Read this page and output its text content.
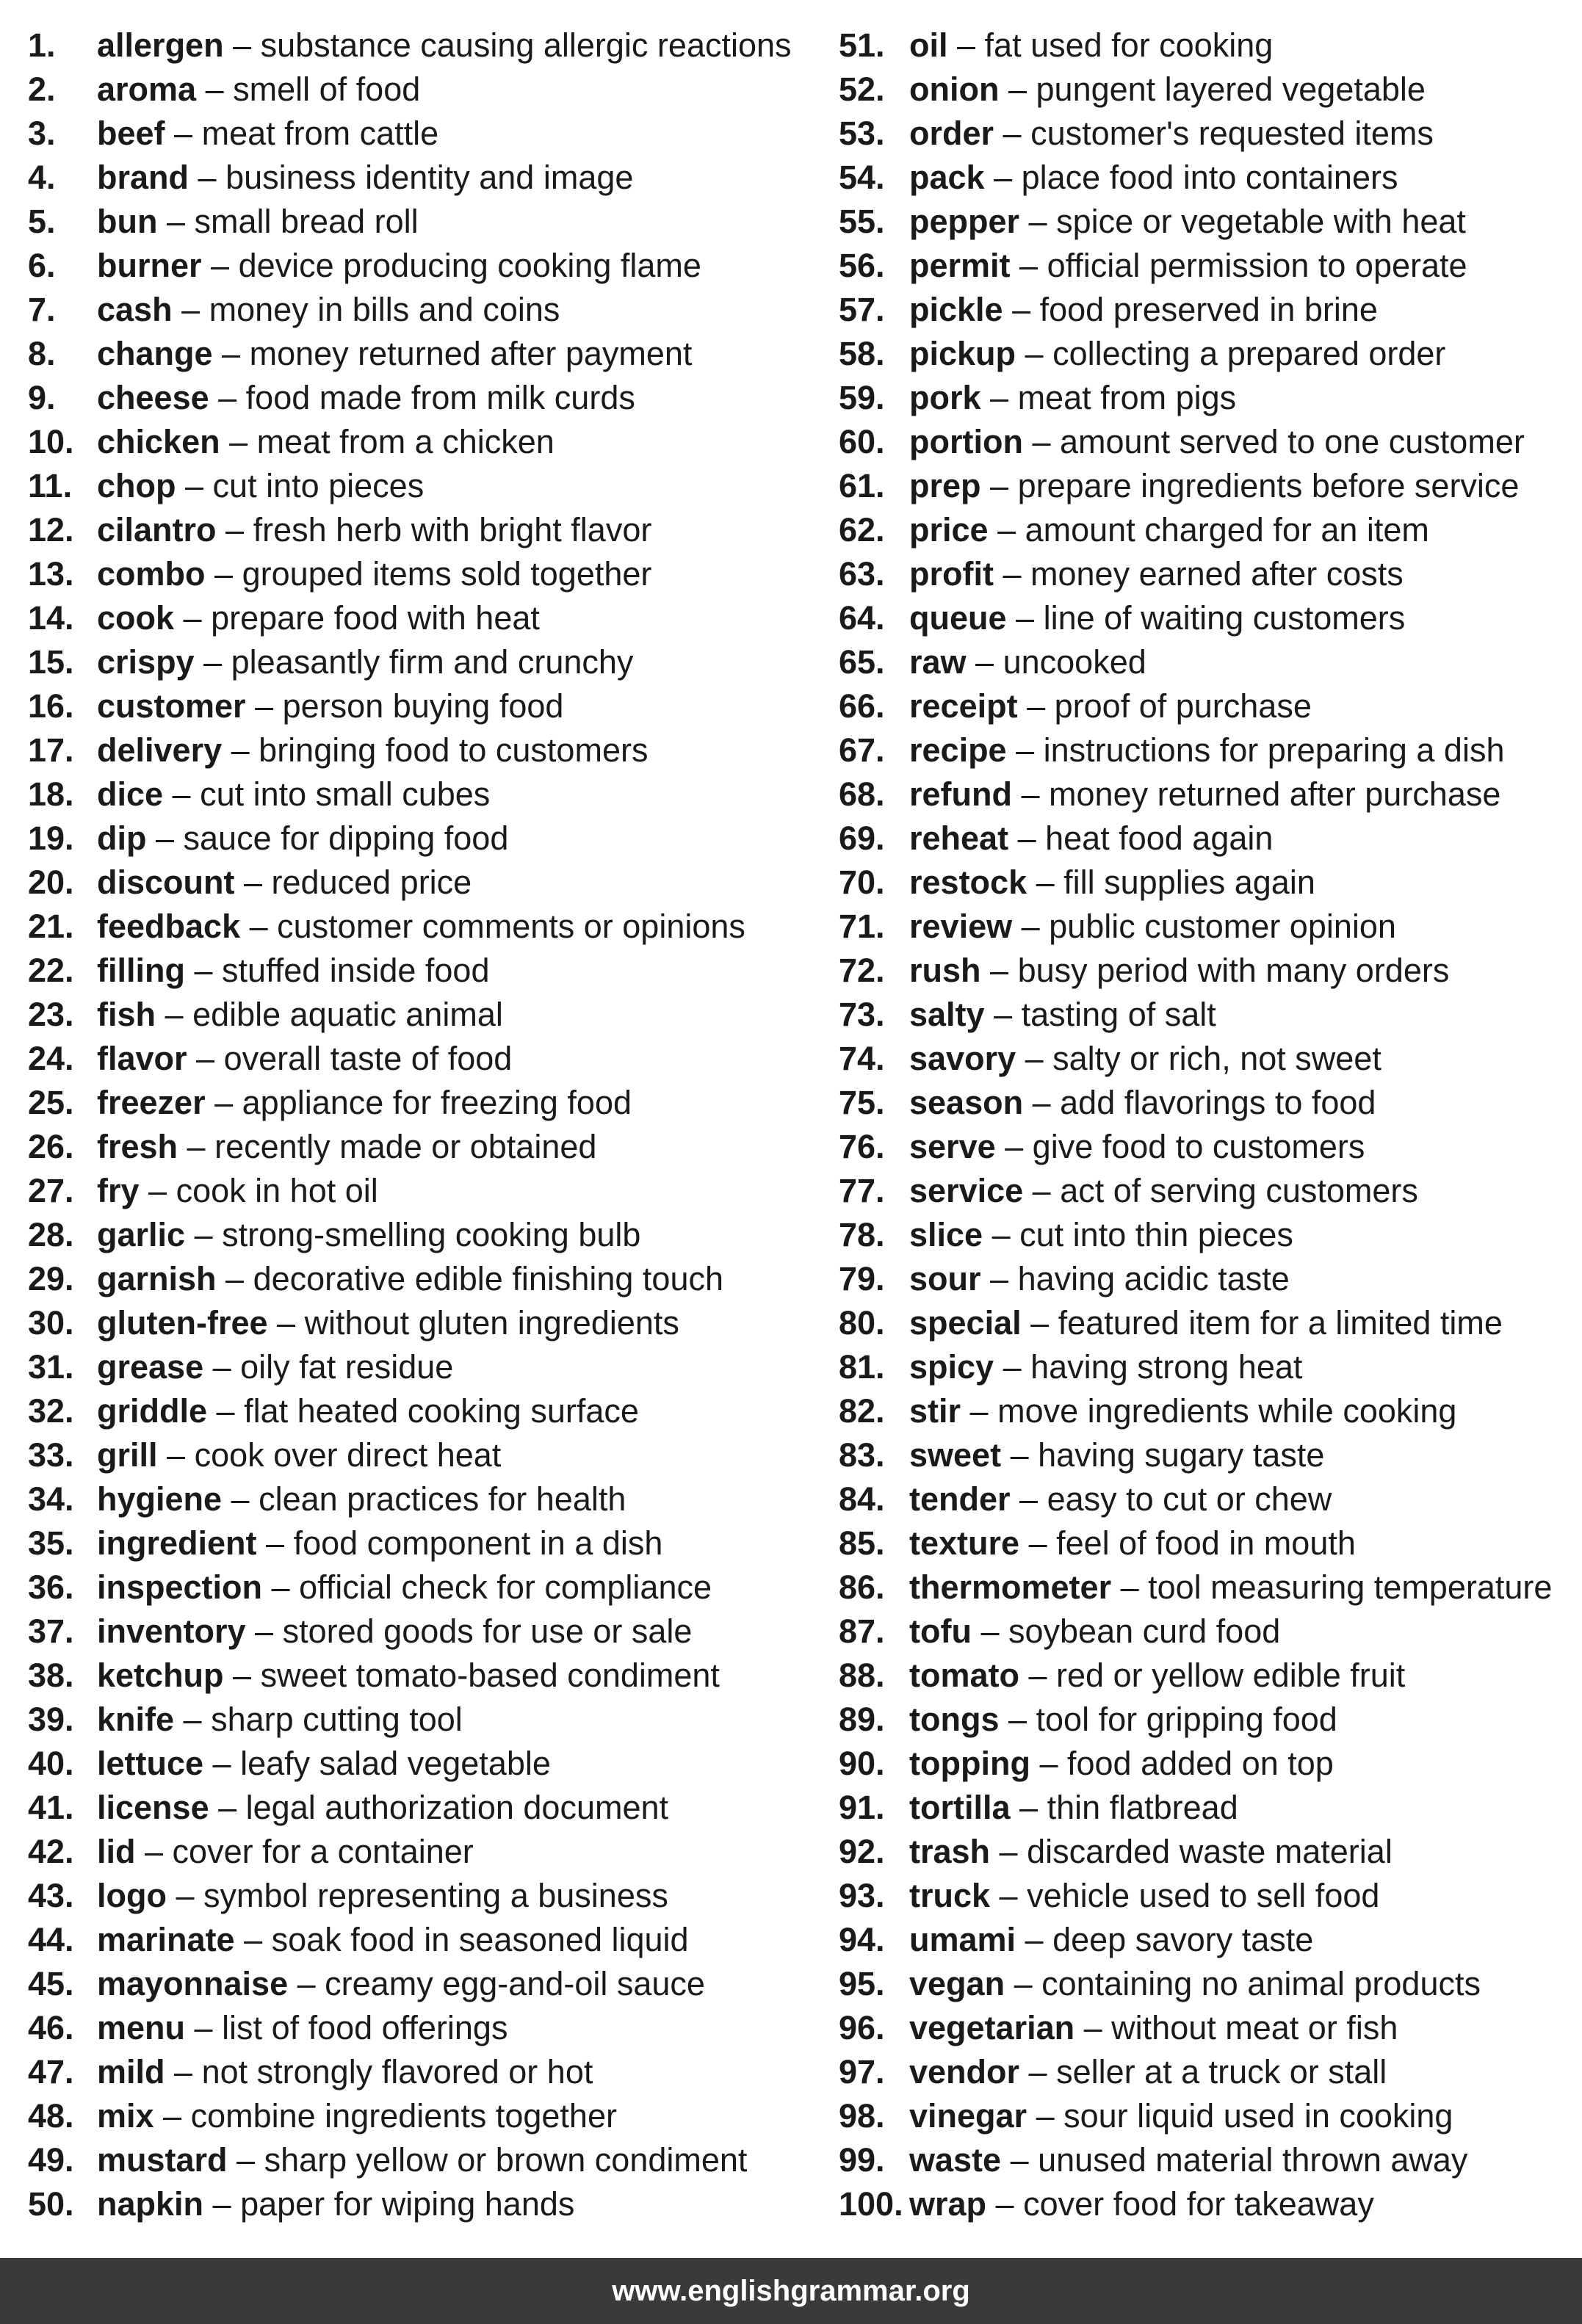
1. allergen – substance causing allergic reactions
2. aroma – smell of food
3. beef – meat from cattle
4. brand – business identity and image
5. bun – small bread roll
6. burner – device producing cooking flame
7. cash – money in bills and coins
8. change – money returned after payment
9. cheese – food made from milk curds
10. chicken – meat from a chicken
11. chop – cut into pieces
12. cilantro – fresh herb with bright flavor
13. combo – grouped items sold together
14. cook – prepare food with heat
15. crispy – pleasantly firm and crunchy
16. customer – person buying food
17. delivery – bringing food to customers
18. dice – cut into small cubes
19. dip – sauce for dipping food
20. discount – reduced price
21. feedback – customer comments or opinions
22. filling – stuffed inside food
23. fish – edible aquatic animal
24. flavor – overall taste of food
25. freezer – appliance for freezing food
26. fresh – recently made or obtained
27. fry – cook in hot oil
28. garlic – strong-smelling cooking bulb
29. garnish – decorative edible finishing touch
30. gluten-free – without gluten ingredients
31. grease – oily fat residue
32. griddle – flat heated cooking surface
33. grill – cook over direct heat
34. hygiene – clean practices for health
35. ingredient – food component in a dish
36. inspection – official check for compliance
37. inventory – stored goods for use or sale
38. ketchup – sweet tomato-based condiment
39. knife – sharp cutting tool
40. lettuce – leafy salad vegetable
41. license – legal authorization document
42. lid – cover for a container
43. logo – symbol representing a business
44. marinate – soak food in seasoned liquid
45. mayonnaise – creamy egg-and-oil sauce
46. menu – list of food offerings
47. mild – not strongly flavored or hot
48. mix – combine ingredients together
49. mustard – sharp yellow or brown condiment
50. napkin – paper for wiping hands
51. oil – fat used for cooking
52. onion – pungent layered vegetable
53. order – customer's requested items
54. pack – place food into containers
55. pepper – spice or vegetable with heat
56. permit – official permission to operate
57. pickle – food preserved in brine
58. pickup – collecting a prepared order
59. pork – meat from pigs
60. portion – amount served to one customer
61. prep – prepare ingredients before service
62. price – amount charged for an item
63. profit – money earned after costs
64. queue – line of waiting customers
65. raw – uncooked
66. receipt – proof of purchase
67. recipe – instructions for preparing a dish
68. refund – money returned after purchase
69. reheat – heat food again
70. restock – fill supplies again
71. review – public customer opinion
72. rush – busy period with many orders
73. salty – tasting of salt
74. savory – salty or rich, not sweet
75. season – add flavorings to food
76. serve – give food to customers
77. service – act of serving customers
78. slice – cut into thin pieces
79. sour – having acidic taste
80. special – featured item for a limited time
81. spicy – having strong heat
82. stir – move ingredients while cooking
83. sweet – having sugary taste
84. tender – easy to cut or chew
85. texture – feel of food in mouth
86. thermometer – tool measuring temperature
87. tofu – soybean curd food
88. tomato – red or yellow edible fruit
89. tongs – tool for gripping food
90. topping – food added on top
91. tortilla – thin flatbread
92. trash – discarded waste material
93. truck – vehicle used to sell food
94. umami – deep savory taste
95. vegan – containing no animal products
96. vegetarian – without meat or fish
97. vendor – seller at a truck or stall
98. vinegar – sour liquid used in cooking
99. waste – unused material thrown away
100. wrap – cover food for takeaway
www.englishgrammar.org
